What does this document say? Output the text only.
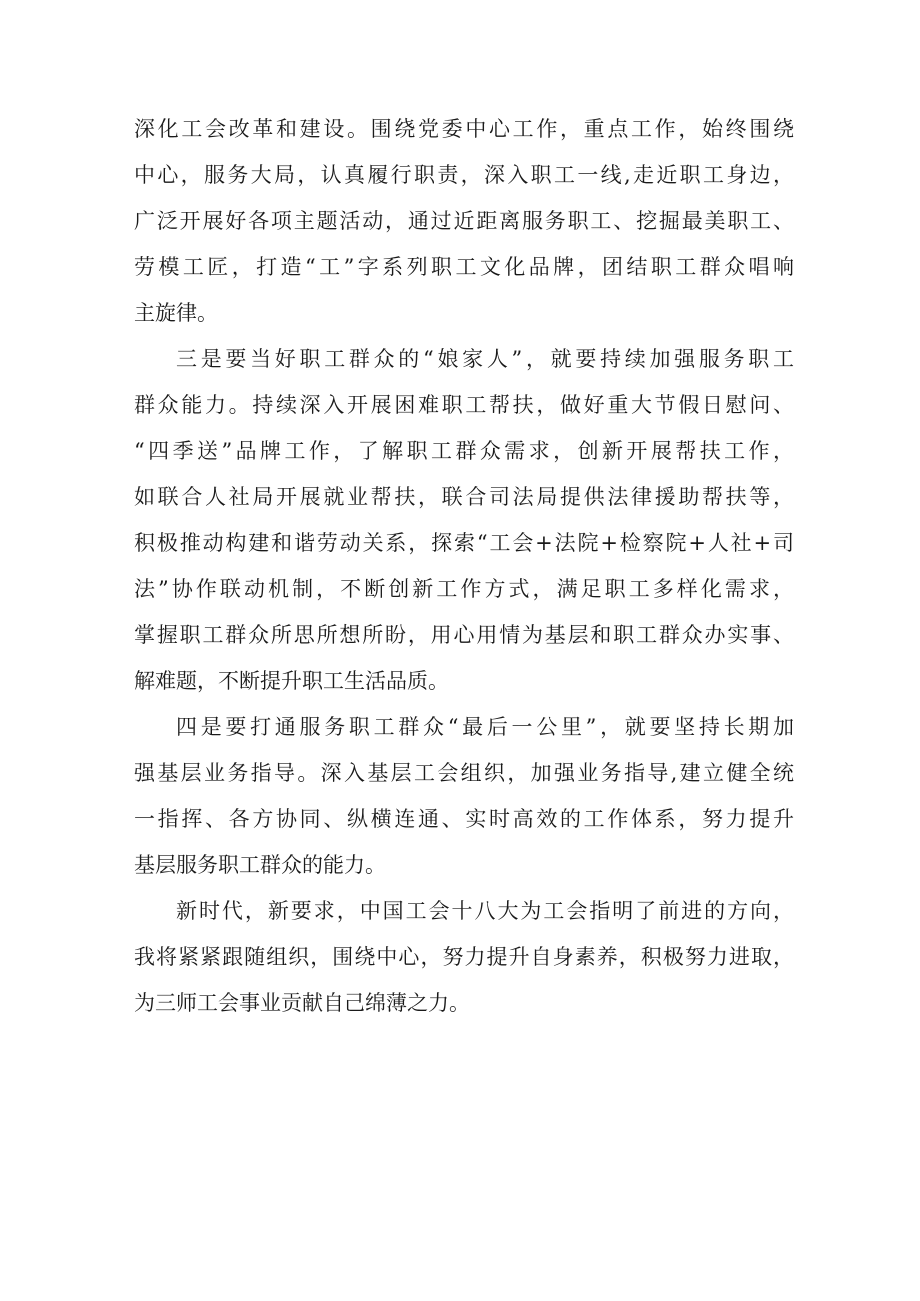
深化工会改革和建设。围绕党委中心工作，重点工作，始终围绕
中心，服务大局，认真履行职责，深入职工一线,走近职工身边，
广泛开展好各项主题活动，通过近距离服务职工、挖掘最美职工、
劳模工匠，打造“工”字系列职工文化品牌，团结职工群众唱响
主旋律。
三是要当好职工群众的“娘家人”，就要持续加强服务职工
群众能力。持续深入开展困难职工帮扶，做好重大节假日慰问、
“四季送”品牌工作，了解职工群众需求，创新开展帮扶工作，
如联合人社局开展就业帮扶，联合司法局提供法律援助帮扶等，
积极推动构建和谐劳动关系，探索“工会+法院+检察院+人社+司
法”协作联动机制，不断创新工作方式，满足职工多样化需求，
掌握职工群众所思所想所盼，用心用情为基层和职工群众办实事、
解难题，不断提升职工生活品质。
四是要打通服务职工群众“最后一公里”，就要坚持长期加
强基层业务指导。深入基层工会组织，加强业务指导,建立健全统
一指挥、各方协同、纵横连通、实时高效的工作体系，努力提升
基层服务职工群众的能力。
新时代，新要求，中国工会十八大为工会指明了前进的方向，
我将紧紧跟随组织，围绕中心，努力提升自身素养，积极努力进取，
为三师工会事业贡献自己绵薄之力。
